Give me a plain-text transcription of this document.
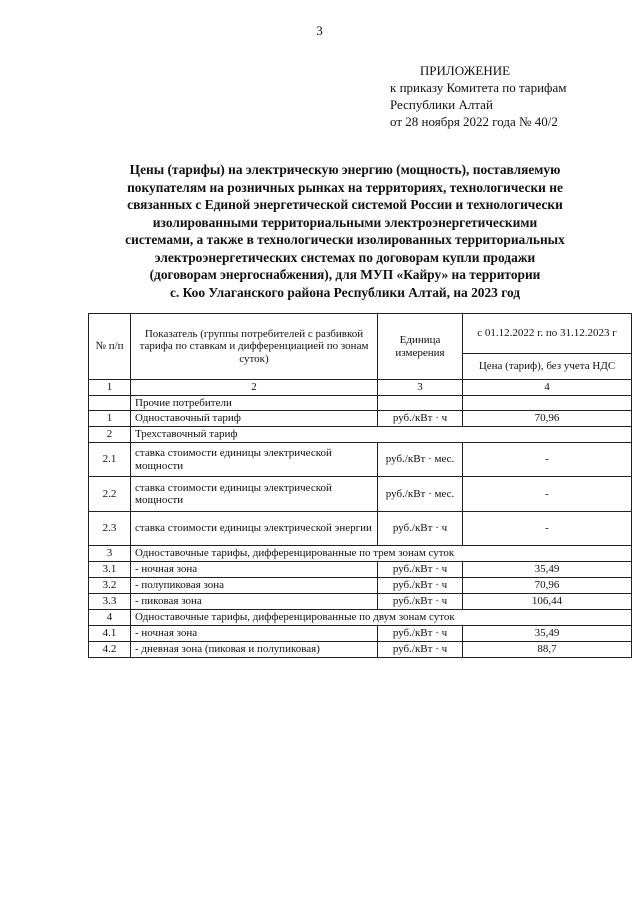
3
ПРИЛОЖЕНИЕ
к приказу Комитета по тарифам
Республики Алтай
от 28 ноября 2022 года № 40/2
Цены (тарифы) на электрическую энергию (мощность), поставляемую
покупателям на розничных рынках на территориях, технологически не
связанных с Единой энергетической системой России и технологически
изолированными территориальными электроэнергетическими
системами, а также в технологически изолированных территориальных
электроэнергетических системах по договорам купли продажи
(договорам энергоснабжения), для МУП «Кайру» на территории
с. Коо Улаганского района Республики Алтай, на 2023 год
№ п/п	Показатель (группы потребителей с разбивкой тарифа по ставкам и дифференциацией по зонам суток)	Единица измерения	с 01.12.2022 г. по 31.12.2023 г
			Цена (тариф), без учета НДС
1	2	3	4
	Прочие потребители		
1	Одноставочный тариф	руб./кВт · ч	70,96
2	Трехставочный тариф		
2.1	ставка стоимости единицы электрической мощности	руб./кВт · мес.	-
2.2	ставка стоимости единицы электрической мощности	руб./кВт · мес.	-
2.3	ставка стоимости единицы электрической энергии	руб./кВт · ч	-
3	Одноставочные тарифы, дифференцированные по трем зонам суток		
3.1	- ночная зона	руб./кВт · ч	35,49
3.2	- полупиковая зона	руб./кВт · ч	70,96
3.3	- пиковая зона	руб./кВт · ч	106,44
4	Одноставочные тарифы, дифференцированные по двум зонам суток		
4.1	- ночная зона	руб./кВт · ч	35,49
4.2	- дневная зона (пиковая и полупиковая)	руб./кВт · ч	88,7
